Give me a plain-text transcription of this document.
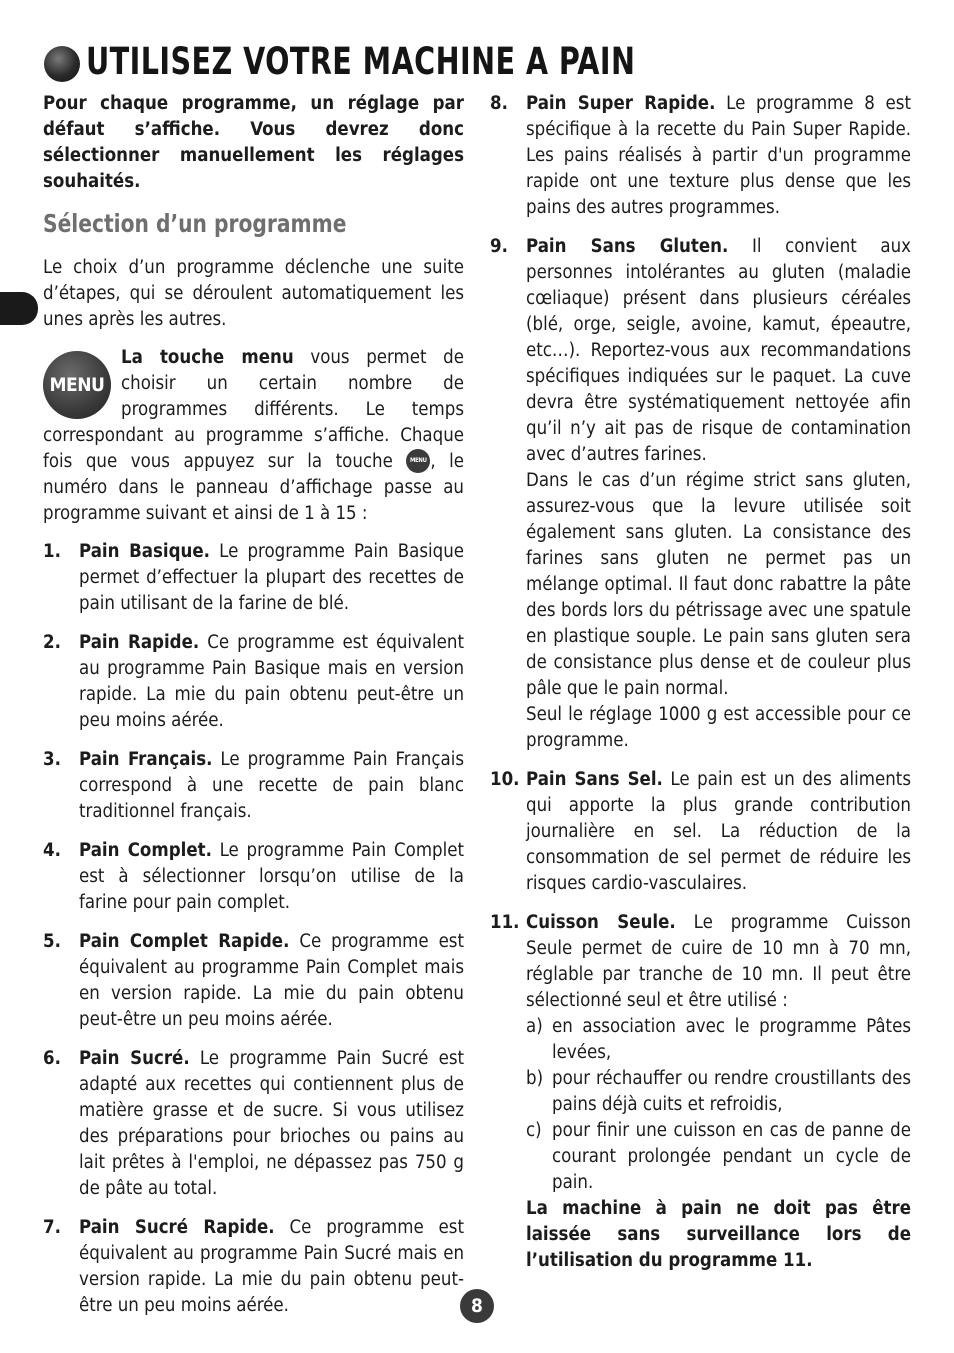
UTILISEZ VOTRE MACHINE A PAIN

Pour chaque programme, un réglage par défaut s’affiche. Vous devrez donc sélectionner manuellement les réglages souhaités.

Sélection d’un programme

Le choix d’un programme déclenche une suite d’étapes, qui se déroulent automatiquement les unes après les autres.

MENU
La touche menu vous permet de choisir un certain nombre de programmes différents. Le temps correspondant au programme s’affiche. Chaque fois que vous appuyez sur la touche MENU , le numéro dans le panneau d’affichage passe au programme suivant et ainsi de 1 à 15 :
1. Pain Basique. Le programme Pain Basique permet d’effectuer la plupart des recettes de pain utilisant de la farine de blé.
2. Pain Rapide. Ce programme est équivalent au programme Pain Basique mais en version rapide. La mie du pain obtenu peut-être un peu moins aérée.
3. Pain Français. Le programme Pain Français correspond à une recette de pain blanc traditionnel français.
4. Pain Complet. Le programme Pain Complet est à sélectionner lorsqu’on utilise de la farine pour pain complet.
5. Pain Complet Rapide. Ce programme est équivalent au programme Pain Complet mais en version rapide. La mie du pain obtenu peut-être un peu moins aérée.
6. Pain Sucré. Le programme Pain Sucré est adapté aux recettes qui contiennent plus de matière grasse et de sucre. Si vous utilisez des préparations pour brioches ou pains au lait prêtes à l'emploi, ne dépassez pas 750 g de pâte au total.
7. Pain Sucré Rapide. Ce programme est équivalent au programme Pain Sucré mais en version rapide. La mie du pain obtenu peut-être un peu moins aérée.
8. Pain Super Rapide. Le programme 8 est spécifique à la recette du Pain Super Rapide. Les pains réalisés à partir d'un programme rapide ont une texture plus dense que les pains des autres programmes.
9. Pain Sans Gluten. Il convient aux personnes intolérantes au gluten (maladie cœliaque) présent dans plusieurs céréales (blé, orge, seigle, avoine, kamut, épeautre, etc…). Reportez-vous aux recommandations spécifiques indiquées sur le paquet. La cuve devra être systématiquement nettoyée afin qu’il n’y ait pas de risque de contamination avec d’autres farines.

Dans le cas d’un régime strict sans gluten, assurez-vous que la levure utilisée soit également sans gluten. La consistance des farines sans gluten ne permet pas un mélange optimal. Il faut donc rabattre la pâte des bords lors du pétrissage avec une spatule en plastique souple. Le pain sans gluten sera de consistance plus dense et de couleur plus pâle que le pain normal.

Seul le réglage 1000 g est accessible pour ce programme.

10. Pain Sans Sel. Le pain est un des aliments qui apporte la plus grande contribution journalière en sel. La réduction de la consommation de sel permet de réduire les risques cardio-vasculaires.
11. Cuisson Seule. Le programme Cuisson Seule permet de cuire de 10 mn à 70 mn, réglable par tranche de 10 mn. Il peut être sélectionné seul et être utilisé :
a) en association avec le programme Pâtes levées,
b) pour réchauffer ou rendre croustillants des pains déjà cuits et refroidis,
c) pour finir une cuisson en cas de panne de courant prolongée pendant un cycle de pain.

La machine à pain ne doit pas être laissée sans surveillance lors de l’utilisation du programme 11.

8
